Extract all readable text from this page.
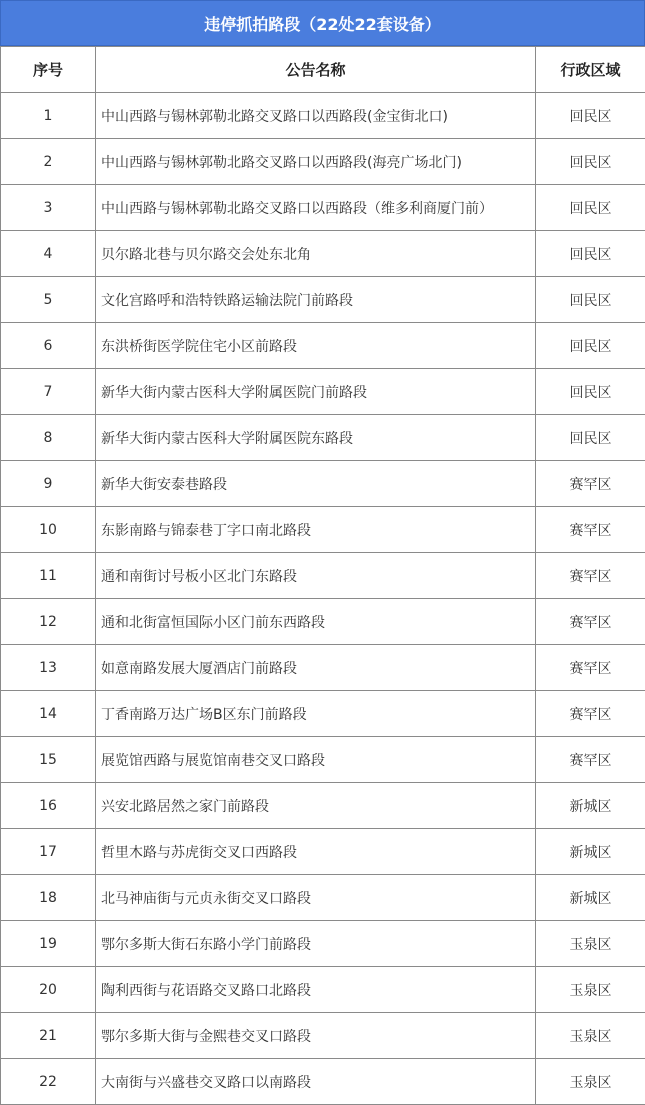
违停抓拍路段（22处22套设备）
序号	公告名称	行政区域
1	中山西路与锡林郭勒北路交叉路口以西路段(金宝街北口)	回民区
2	中山西路与锡林郭勒北路交叉路口以西路段(海亮广场北门)	回民区
3	中山西路与锡林郭勒北路交叉路口以西路段（维多利商厦门前）	回民区
4	贝尔路北巷与贝尔路交会处东北角	回民区
5	文化宫路呼和浩特铁路运输法院门前路段	回民区
6	东洪桥街医学院住宅小区前路段	回民区
7	新华大街内蒙古医科大学附属医院门前路段	回民区
8	新华大街内蒙古医科大学附属医院东路段	回民区
9	新华大街安泰巷路段	赛罕区
10	东影南路与锦泰巷丁字口南北路段	赛罕区
11	通和南街讨号板小区北门东路段	赛罕区
12	通和北街富恒国际小区门前东西路段	赛罕区
13	如意南路发展大厦酒店门前路段	赛罕区
14	丁香南路万达广场B区东门前路段	赛罕区
15	展览馆西路与展览馆南巷交叉口路段	赛罕区
16	兴安北路居然之家门前路段	新城区
17	哲里木路与苏虎街交叉口西路段	新城区
18	北马神庙街与元贞永街交叉口路段	新城区
19	鄂尔多斯大街石东路小学门前路段	玉泉区
20	陶利西街与花语路交叉路口北路段	玉泉区
21	鄂尔多斯大街与金熙巷交叉口路段	玉泉区
22	大南街与兴盛巷交叉路口以南路段	玉泉区
